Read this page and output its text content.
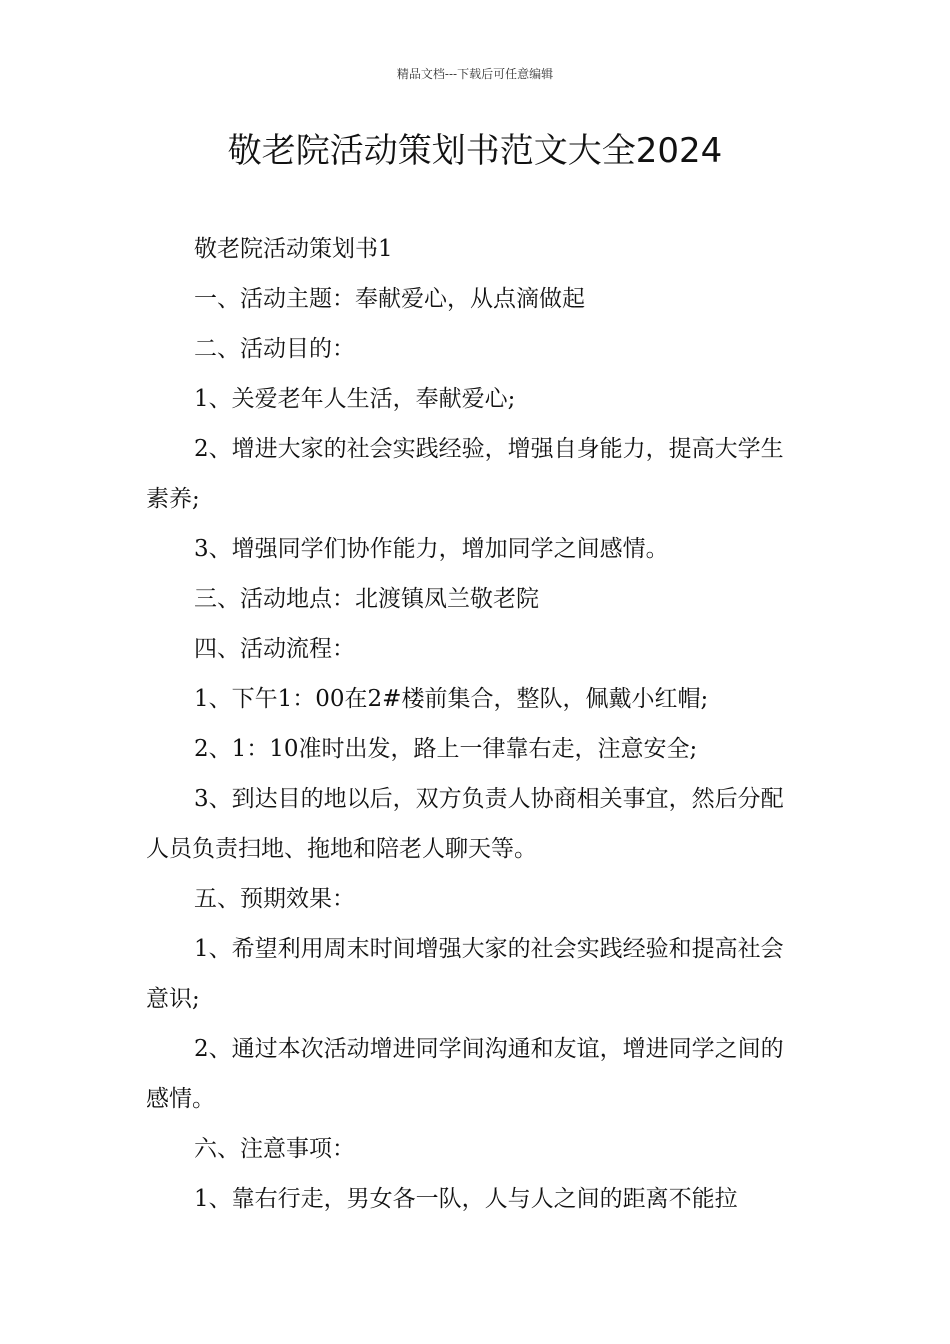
精品文档---下载后可任意编辑
敬老院活动策划书范文大全2024

敬老院活动策划书1

一、活动主题：奉献爱心，从点滴做起

二、活动目的：

1、关爱老年人生活，奉献爱心;

2、增进大家的社会实践经验，增强自身能力，提高大学生素养;

3、增强同学们协作能力，增加同学之间感情。

三、活动地点：北渡镇凤兰敬老院

四、活动流程：

1、下午1：00在2#楼前集合，整队，佩戴小红帽;

2、1：10准时出发，路上一律靠右走，注意安全;

3、到达目的地以后，双方负责人协商相关事宜，然后分配人员负责扫地、拖地和陪老人聊天等。

五、预期效果：

1、希望利用周末时间增强大家的社会实践经验和提高社会意识;

2、通过本次活动增进同学间沟通和友谊，增进同学之间的感情。

六、注意事项：

1、靠右行走，男女各一队，人与人之间的距离不能拉
